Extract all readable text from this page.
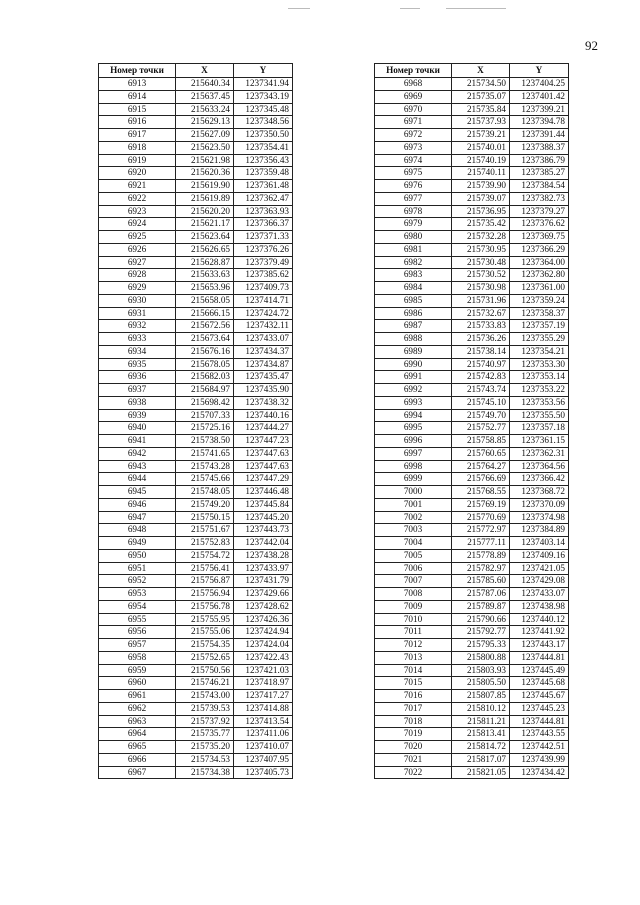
92
Номер точки	X	Y
6913	215640.34	1237341.94
6914	215637.45	1237343.19
6915	215633.24	1237345.48
6916	215629.13	1237348.56
6917	215627.09	1237350.50
6918	215623.50	1237354.41
6919	215621.98	1237356.43
6920	215620.36	1237359.48
6921	215619.90	1237361.48
6922	215619.89	1237362.47
6923	215620.20	1237363.93
6924	215621.17	1237366.37
6925	215623.64	1237371.33
6926	215626.65	1237376.26
6927	215628.87	1237379.49
6928	215633.63	1237385.62
6929	215653.96	1237409.73
6930	215658.05	1237414.71
6931	215666.15	1237424.72
6932	215672.56	1237432.11
6933	215673.64	1237433.07
6934	215676.16	1237434.37
6935	215678.05	1237434.87
6936	215682.03	1237435.47
6937	215684.97	1237435.90
6938	215698.42	1237438.32
6939	215707.33	1237440.16
6940	215725.16	1237444.27
6941	215738.50	1237447.23
6942	215741.65	1237447.63
6943	215743.28	1237447.63
6944	215745.66	1237447.29
6945	215748.05	1237446.48
6946	215749.20	1237445.84
6947	215750.15	1237445.20
6948	215751.67	1237443.73
6949	215752.83	1237442.04
6950	215754.72	1237438.28
6951	215756.41	1237433.97
6952	215756.87	1237431.79
6953	215756.94	1237429.66
6954	215756.78	1237428.62
6955	215755.95	1237426.36
6956	215755.06	1237424.94
6957	215754.35	1237424.04
6958	215752.65	1237422.43
6959	215750.56	1237421.03
6960	215746.21	1237418.97
6961	215743.00	1237417.27
6962	215739.53	1237414.88
6963	215737.92	1237413.54
6964	215735.77	1237411.06
6965	215735.20	1237410.07
6966	215734.53	1237407.95
6967	215734.38	1237405.73
Номер точки	X	Y
6968	215734.50	1237404.25
6969	215735.07	1237401.42
6970	215735.84	1237399.21
6971	215737.93	1237394.78
6972	215739.21	1237391.44
6973	215740.01	1237388.37
6974	215740.19	1237386.79
6975	215740.11	1237385.27
6976	215739.90	1237384.54
6977	215739.07	1237382.73
6978	215736.95	1237379.27
6979	215735.42	1237376.62
6980	215732.28	1237369.75
6981	215730.95	1237366.29
6982	215730.48	1237364.00
6983	215730.52	1237362.80
6984	215730.98	1237361.00
6985	215731.96	1237359.24
6986	215732.67	1237358.37
6987	215733.83	1237357.19
6988	215736.26	1237355.29
6989	215738.14	1237354.21
6990	215740.97	1237353.30
6991	215742.83	1237353.14
6992	215743.74	1237353.22
6993	215745.10	1237353.56
6994	215749.70	1237355.50
6995	215752.77	1237357.18
6996	215758.85	1237361.15
6997	215760.65	1237362.31
6998	215764.27	1237364.56
6999	215766.69	1237366.42
7000	215768.55	1237368.72
7001	215769.19	1237370.09
7002	215770.69	1237374.98
7003	215772.97	1237384.89
7004	215777.11	1237403.14
7005	215778.89	1237409.16
7006	215782.97	1237421.05
7007	215785.60	1237429.08
7008	215787.06	1237433.07
7009	215789.87	1237438.98
7010	215790.66	1237440.12
7011	215792.77	1237441.92
7012	215795.33	1237443.17
7013	215800.88	1237444.81
7014	215803.93	1237445.49
7015	215805.50	1237445.68
7016	215807.85	1237445.67
7017	215810.12	1237445.23
7018	215811.21	1237444.81
7019	215813.41	1237443.55
7020	215814.72	1237442.51
7021	215817.07	1237439.99
7022	215821.05	1237434.42
